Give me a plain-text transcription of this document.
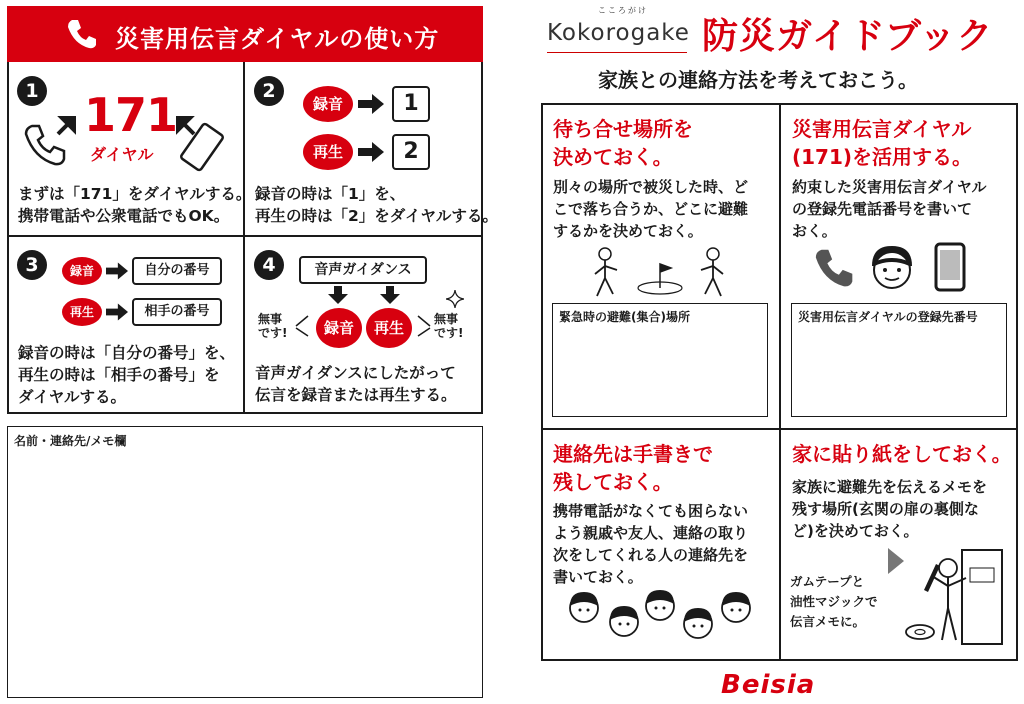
災害用伝言ダイヤルの使い方
1 171
ダイヤル
まずは「171」をダイヤルする。
携帯電話や公衆電話でもOK。
2
録音	1
再生	2
録音の時は「1」を、
再生の時は「2」をダイヤルする。
3	録音	自分の番号
再生	相手の番号
録音の時は「自分の番号」を、
再生の時は「相手の番号」を
ダイヤルする。
4	音声ガイダンス
録音	再生
無事
です!
無事
です!
音声ガイダンスにしたがって
伝言を録音または再生する。
名前・連絡先/メモ欄
こころがけ
Kokorogake 防災ガイドブック
家族との連絡方法を考えておこう。
待ち合せ場所を
決めておく。
別々の場所で被災した時、ど
こで落ち合うか、どこに避難
するかを決めておく。
緊急時の避難(集合)場所
災害用伝言ダイヤル
(171)を活用する。
約束した災害用伝言ダイヤル
の登録先電話番号を書いて
おく。
災害用伝言ダイヤルの登録先番号
連絡先は手書きで
残しておく。
携帯電話がなくても困らない
よう親戚や友人、連絡の取り
次をしてくれる人の連絡先を
書いておく。
家に貼り紙をしておく。
家族に避難先を伝えるメモを
残す場所(玄関の扉の裏側な
ど)を決めておく。
ガムテープと
油性マジックで
伝言メモに。
Beisia
